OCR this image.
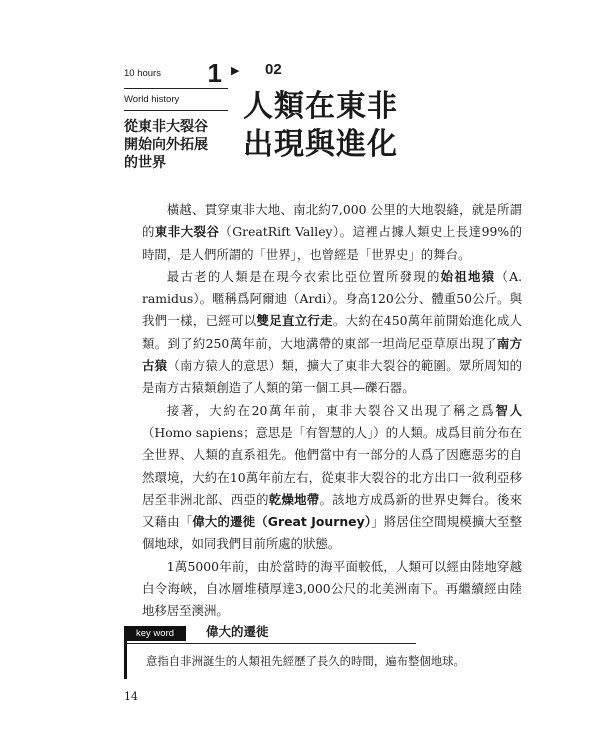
10 hours 1
World history
從東非大裂谷
開始向外拓展
的世界
▶ 02
人類在東非
出現與進化

橫越、貫穿東非大地、南北約7,000 公里的大地裂縫，就是所謂的東非大裂谷（GreatRift Valley）。這裡占據人類史上長達99%的時間，是人們所謂的「世界」，也曾經是「世界史」的舞台。

最古老的人類是在現今衣索比亞位置所發現的始祖地猿（A. ramidus）。暱稱爲阿爾迪（Ardi）。身高120公分、體重50公斤。與我們一樣，已經可以雙足直立行走。大約在450萬年前開始進化成人類。到了約250萬年前，大地溝帶的東部一坦尚尼亞草原出現了南方古猿（南方猿人的意思）類，擴大了東非大裂谷的範圍。眾所周知的是南方古猿類創造了人類的第一個工具—礫石器。

接著，大約在20萬年前，東非大裂谷又出現了稱之爲智人（Homo sapiens；意思是「有智慧的人」）的人類。成爲目前分布在全世界、人類的直系祖先。他們當中有一部分的人爲了因應惡劣的自然環境，大約在10萬年前左右，從東非大裂谷的北方出口一敘利亞移居至非洲北部、西亞的乾燥地帶。該地方成爲新的世界史舞台。後來又藉由「偉大的遷徙（Great Journey）」將居住空間規模擴大至整個地球，如同我們目前所處的狀態。

1萬5000年前，由於當時的海平面較低，人類可以經由陸地穿越白令海峽，自冰層堆積厚達3,000公尺的北美洲南下。再繼續經由陸地移居至澳洲。

key word	偉大的遷徙
意指自非洲誕生的人類祖先經歷了長久的時間，遍布整個地球。
14
